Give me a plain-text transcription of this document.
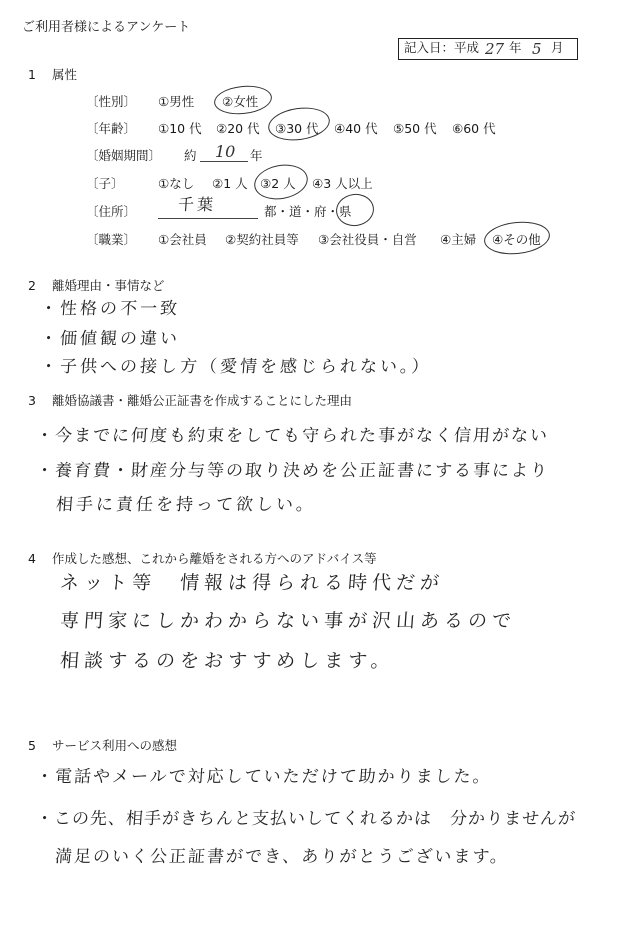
ご利用者様によるアンケート
記入日：平成 27 年 5 月
1 属性
〔性別〕 ①男性 ②女性
〔年齢〕 ①10 代 ②20 代 ③30 代 ④40 代 ⑤50 代 ⑥60 代
〔婚姻期間〕 約 10 年
〔子〕	①なし ②1 人 ③2 人 ④3 人以上
〔住所〕	千葉	都・道・府・県
〔職業〕 ①会社員 ②契約社員等 ③会社役員・自営 ④主婦 ④その他
2 離婚理由・事情など
・性格の不一致
・価値観の違い
・子供への接し方（愛情を感じられない。）
3 離婚協議書・離婚公正証書を作成することにした理由
・今までに何度も約束をしても守られた事がなく信用がない
・養育費・財産分与等の取り決めを公正証書にする事により
　相手に責任を持って欲しい。
4 作成した感想、これから離婚をされる方へのアドバイス等
ネット等　情報は得られる時代だが
専門家にしかわからない事が沢山あるので
相談するのをおすすめします。
5 サービス利用への感想
・電話やメールで対応していただけて助かりました。
・この先、相手がきちんと支払いしてくれるかは　分かりませんが
　満足のいく公正証書ができ、ありがとうございます。
